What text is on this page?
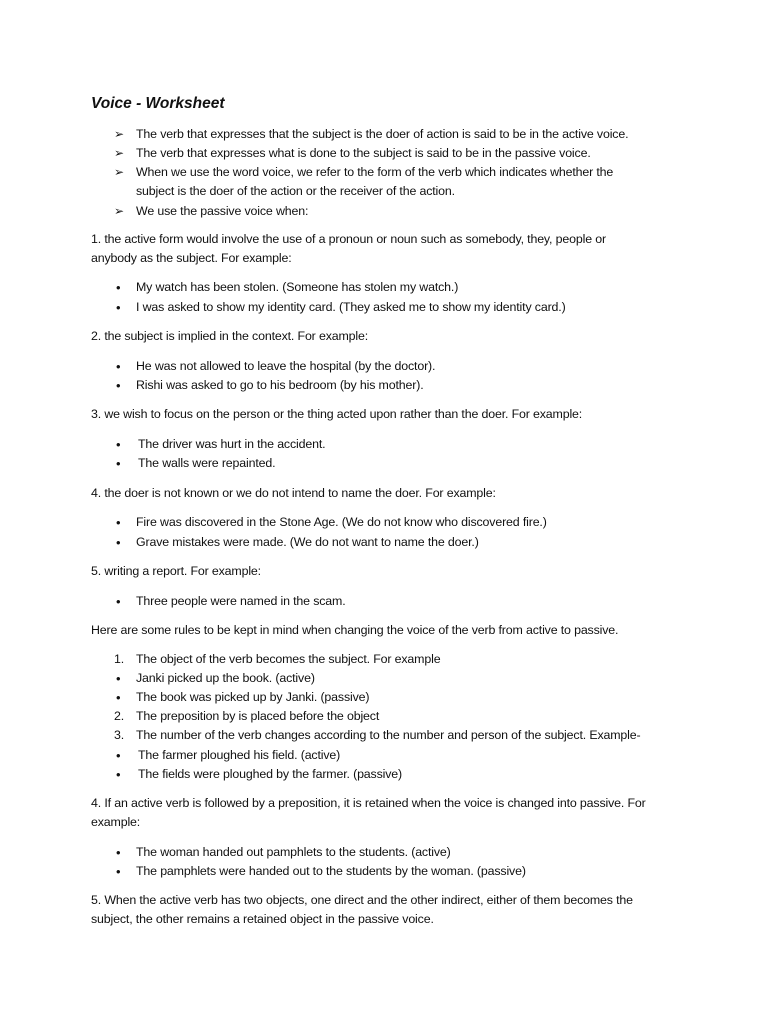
Voice - Worksheet
➢ The verb that expresses that the subject is the doer of action is said to be in the active voice.
➢ The verb that expresses what is done to the subject is said to be in the passive voice.
➢ When we use the word voice, we refer to the form of the verb which indicates whether the
subject is the doer of the action or the receiver of the action.
➢ We use the passive voice when:
1. the active form would involve the use of a pronoun or noun such as somebody, they, people or
anybody as the subject. For example:
• My watch has been stolen. (Someone has stolen my watch.)
• I was asked to show my identity card. (They asked me to show my identity card.)
2. the subject is implied in the context. For example:
• He was not allowed to leave the hospital (by the doctor).
• Rishi was asked to go to his bedroom (by his mother).
3. we wish to focus on the person or the thing acted upon rather than the doer. For example:
• The driver was hurt in the accident.
• The walls were repainted.
4. the doer is not known or we do not intend to name the doer. For example:
• Fire was discovered in the Stone Age. (We do not know who discovered fire.)
• Grave mistakes were made. (We do not want to name the doer.)
5. writing a report. For example:
• Three people were named in the scam.
Here are some rules to be kept in mind when changing the voice of the verb from active to passive.
1. The object of the verb becomes the subject. For example
• Janki picked up the book. (active)
• The book was picked up by Janki. (passive)
2. The preposition by is placed before the object
3. The number of the verb changes according to the number and person of the subject. Example-
• The farmer ploughed his field. (active)
• The fields were ploughed by the farmer. (passive)
4. If an active verb is followed by a preposition, it is retained when the voice is changed into passive. For
example:
• The woman handed out pamphlets to the students. (active)
• The pamphlets were handed out to the students by the woman. (passive)
5. When the active verb has two objects, one direct and the other indirect, either of them becomes the
subject, the other remains a retained object in the passive voice.
